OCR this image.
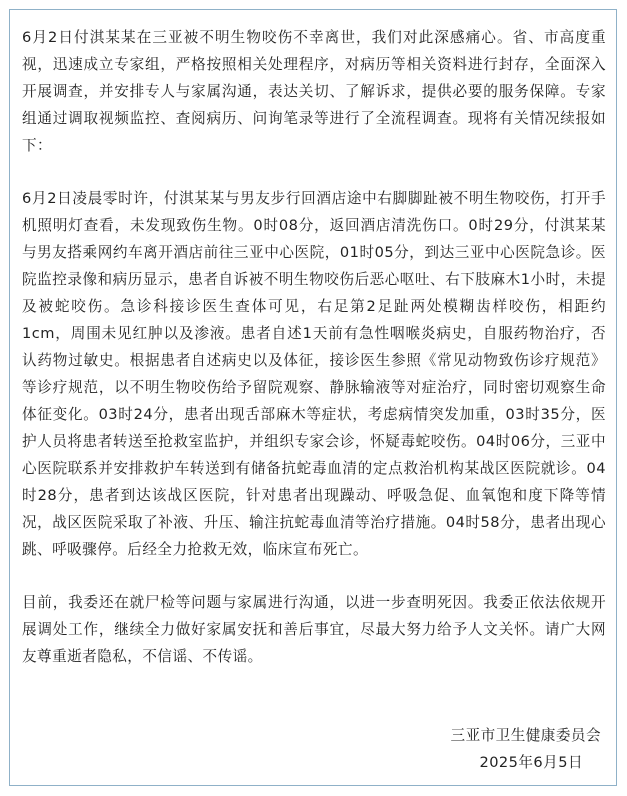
6月2日付淇某某在三亚被不明生物咬伤不幸离世，我们对此深感痛心。省、市高度重视，迅速成立专家组，严格按照相关处理程序，对病历等相关资料进行封存，全面深入开展调查，并安排专人与家属沟通，表达关切、了解诉求，提供必要的服务保障。专家组通过调取视频监控、查阅病历、问询笔录等进行了全流程调查。现将有关情况续报如下：

6月2日凌晨零时许，付淇某某与男友步行回酒店途中右脚脚趾被不明生物咬伤，打开手机照明灯查看，未发现致伤生物。0时08分，返回酒店清洗伤口。0时29分，付淇某某与男友搭乘网约车离开酒店前往三亚中心医院，01时05分，到达三亚中心医院急诊。医院监控录像和病历显示，患者自诉被不明生物咬伤后恶心呕吐、右下肢麻木1小时，未提及被蛇咬伤。急诊科接诊医生查体可见，右足第2足趾两处模糊齿样咬伤，相距约1cm，周围未见红肿以及渗液。患者自述1天前有急性咽喉炎病史，自服药物治疗，否认药物过敏史。根据患者自述病史以及体征，接诊医生参照《常见动物致伤诊疗规范》等诊疗规范，以不明生物咬伤给予留院观察、静脉输液等对症治疗，同时密切观察生命体征变化。03时24分，患者出现舌部麻木等症状，考虑病情突发加重，03时35分，医护人员将患者转送至抢救室监护，并组织专家会诊，怀疑毒蛇咬伤。04时06分，三亚中心医院联系并安排救护车转送到有储备抗蛇毒血清的定点救治机构某战区医院就诊。04时28分，患者到达该战区医院，针对患者出现躁动、呼吸急促、血氧饱和度下降等情况，战区医院采取了补液、升压、输注抗蛇毒血清等治疗措施。04时58分，患者出现心跳、呼吸骤停。后经全力抢救无效，临床宣布死亡。

目前，我委还在就尸检等问题与家属进行沟通，以进一步查明死因。我委正依法依规开展调处工作，继续全力做好家属安抚和善后事宜，尽最大努力给予人文关怀。请广大网友尊重逝者隐私，不信谣、不传谣。

三亚市卫生健康委员会
2025年6月5日
